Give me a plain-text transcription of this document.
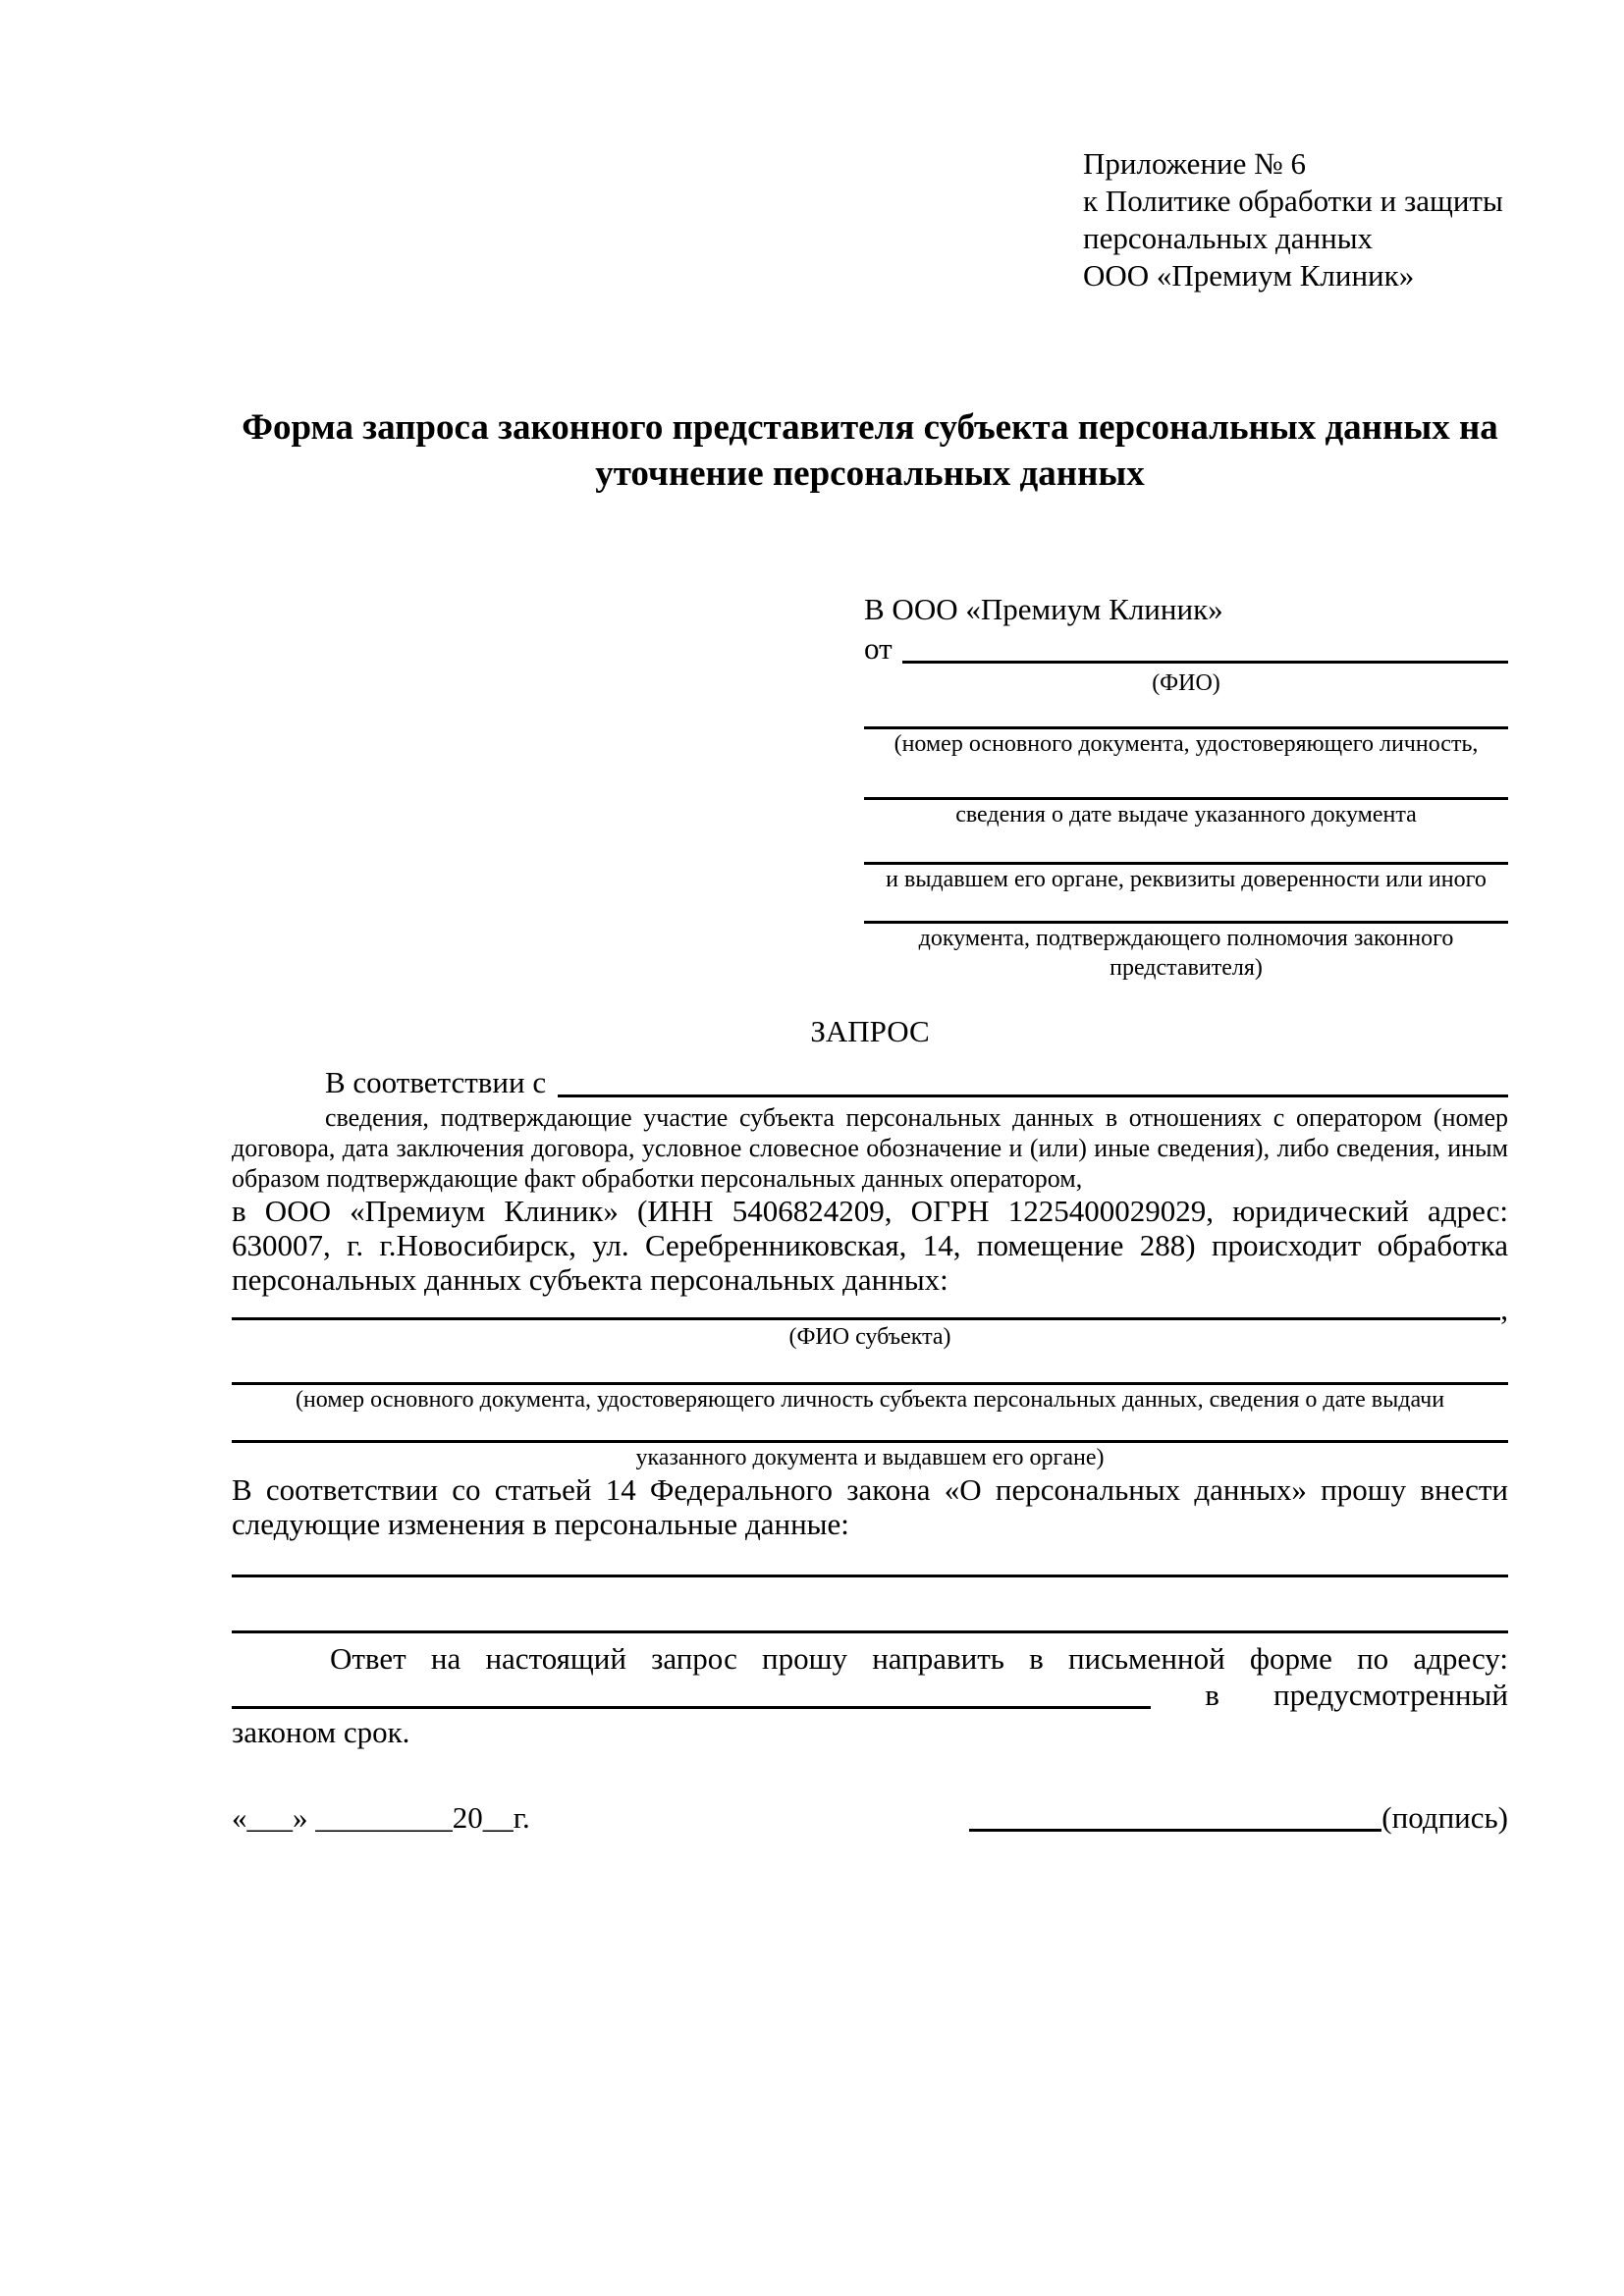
Приложение № 6
к Политике обработки и защиты
персональных данных
ООО «Премиум Клиник»
Форма запроса законного представителя субъекта персональных данных на уточнение персональных данных
В ООО «Премиум Клиник»
от
(ФИО)
(номер основного документа, удостоверяющего личность,
сведения о дате выдаче указанного документа
и выдавшем его органе, реквизиты доверенности или иного
документа, подтверждающего полномочия законного представителя)
ЗАПРОС
В соответствии с
сведения, подтверждающие участие субъекта персональных данных в отношениях с оператором (номер договора, дата заключения договора, условное словесное обозначение и (или) иные сведения), либо сведения, иным образом подтверждающие факт обработки персональных данных оператором,
в ООО «Премиум Клиник» (ИНН 5406824209, ОГРН 1225400029029, юридический адрес: 630007, г. г.Новосибирск, ул. Серебренниковская, 14, помещение 288) происходит обработка персональных данных субъекта персональных данных:
,
(ФИО субъекта)
(номер основного документа, удостоверяющего личность субъекта персональных данных, сведения о дате выдачи
указанного документа и выдавшем его органе)
В соответствии со статьей 14 Федерального закона «О персональных данных» прошу внести следующие изменения в персональные данные:
Ответ на настоящий запрос прошу направить в письменной форме по адресу:
в предусмотренный
законом срок.
«___» _________20__г.	(подпись)
